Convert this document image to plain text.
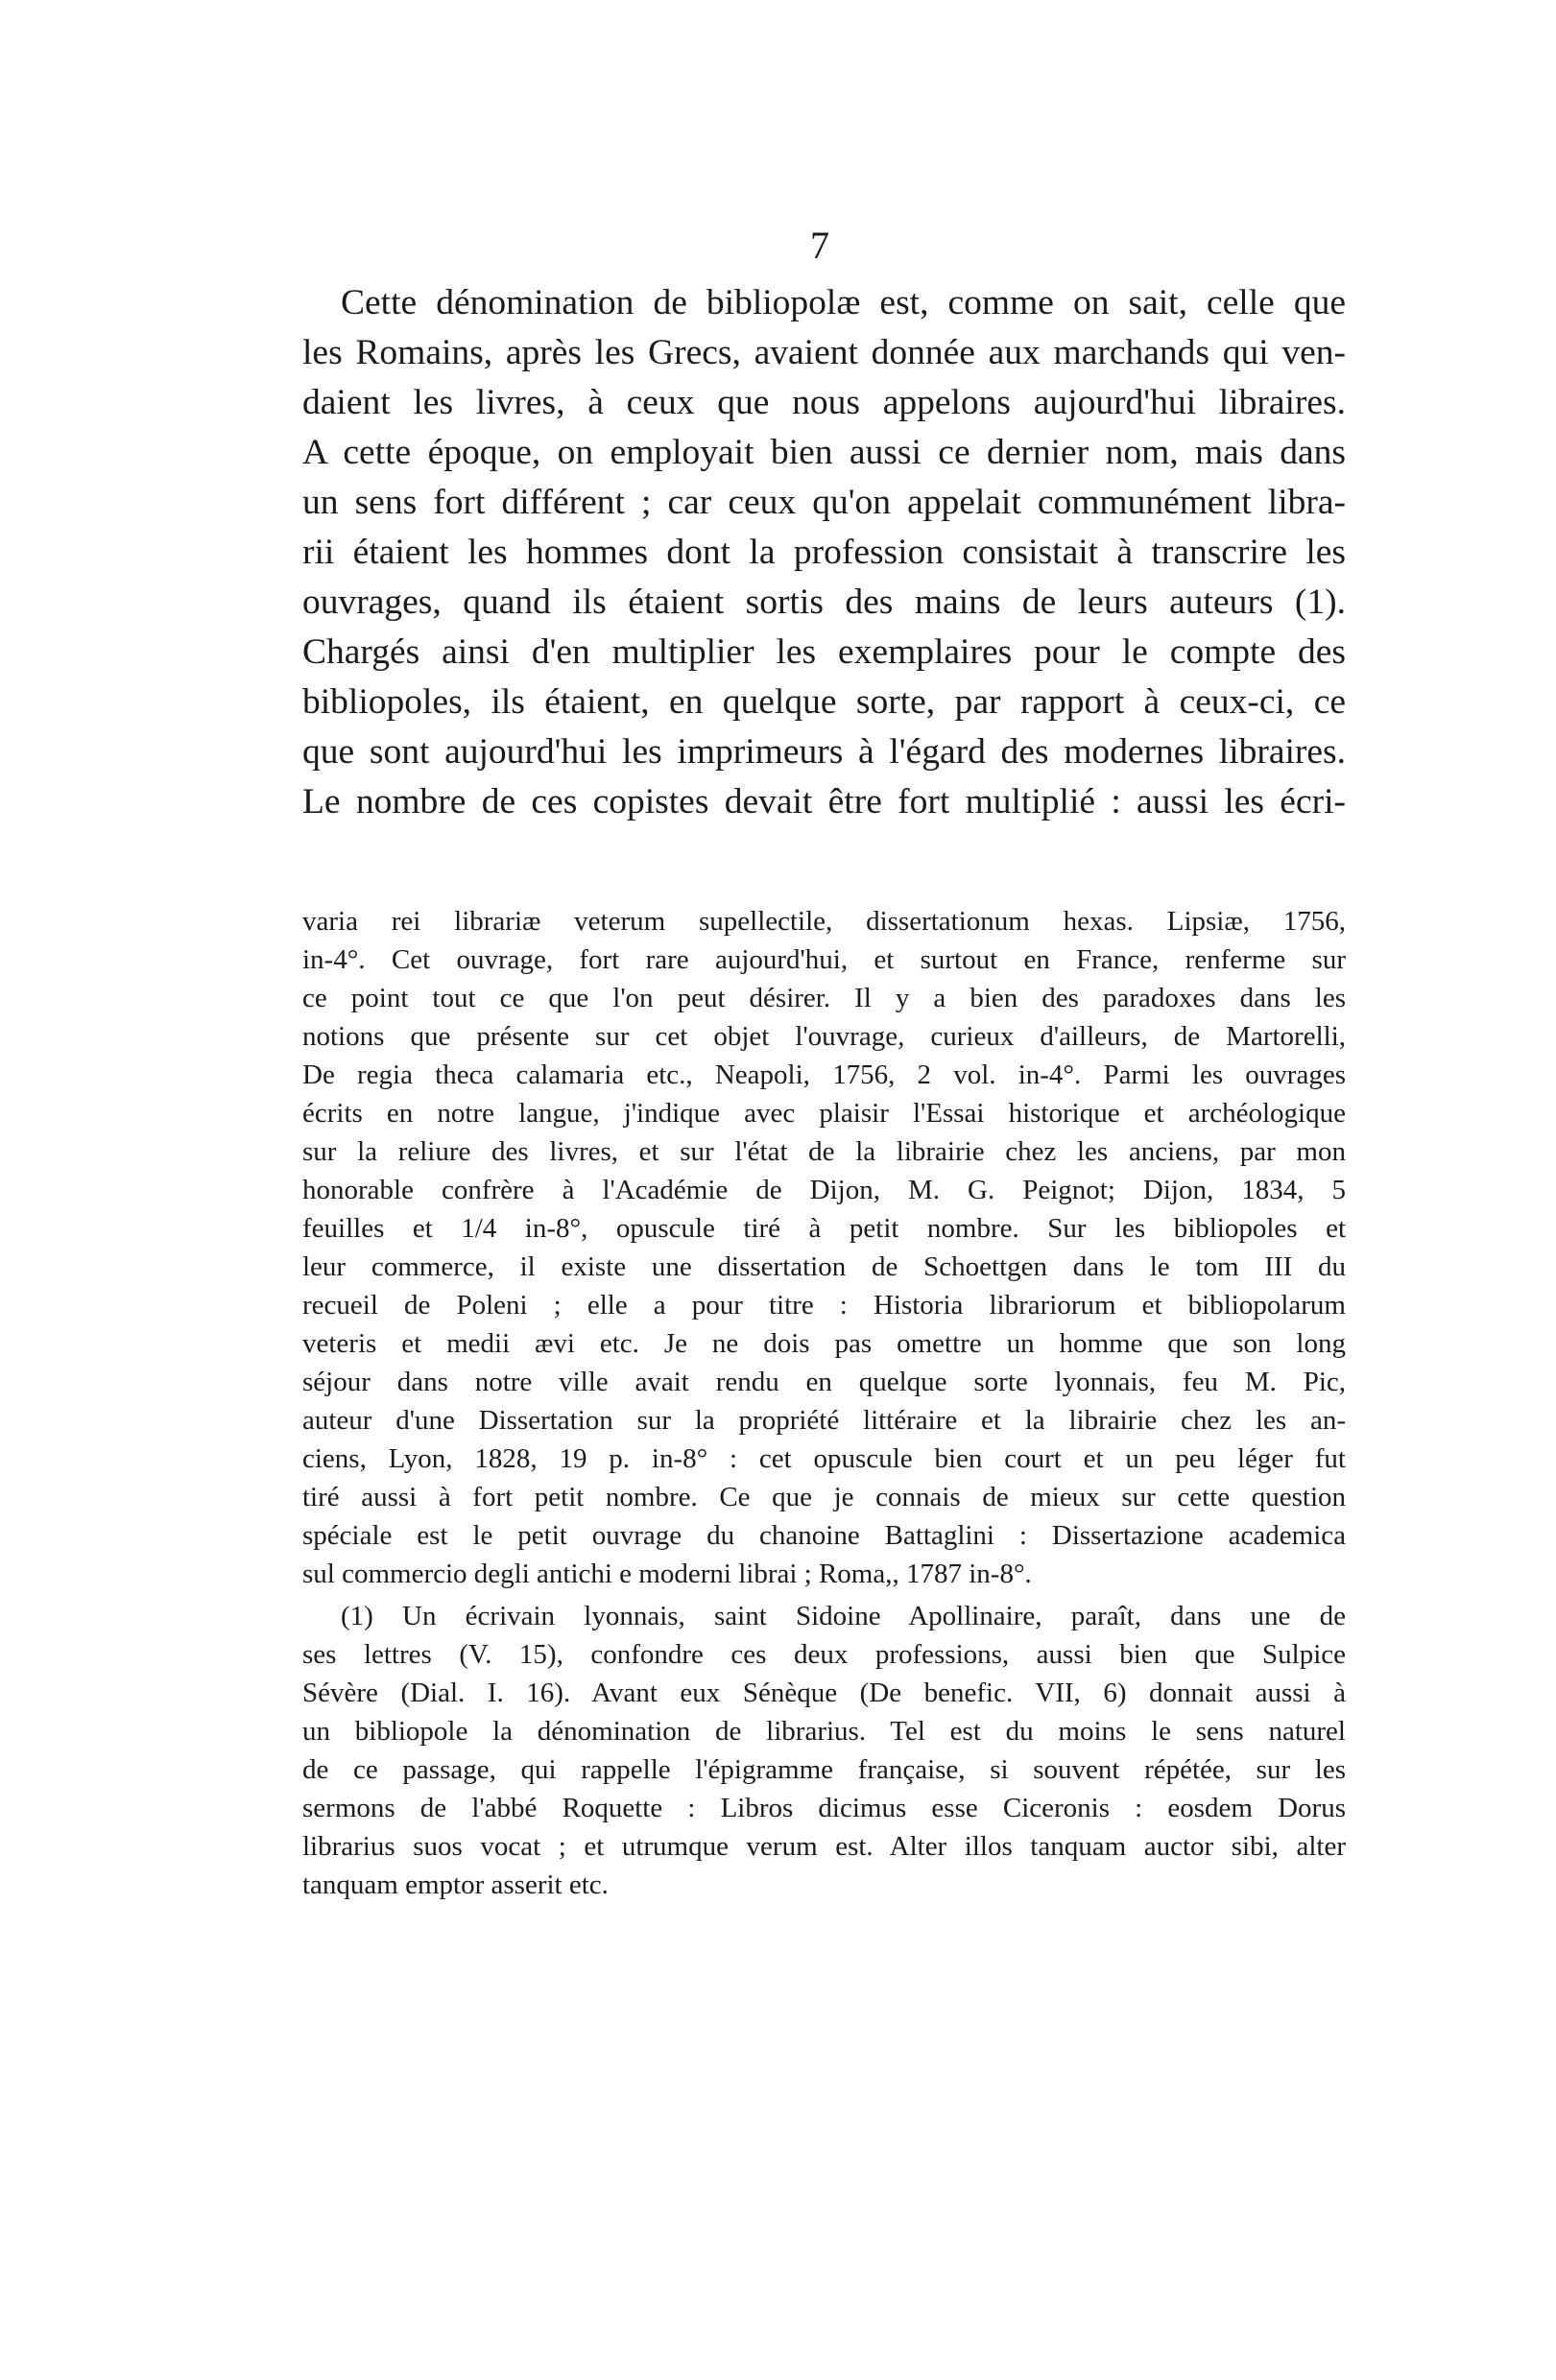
7
Cette dénomination de bibliopolæ est, comme on sait, celle que
les Romains, après les Grecs, avaient donnée aux marchands qui ven-
daient les livres, à ceux que nous appelons aujourd'hui libraires.
A cette époque, on employait bien aussi ce dernier nom, mais dans
un sens fort différent ; car ceux qu'on appelait communément libra-
rii étaient les hommes dont la profession consistait à transcrire les
ouvrages, quand ils étaient sortis des mains de leurs auteurs (1).
Chargés ainsi d'en multiplier les exemplaires pour le compte des
bibliopoles, ils étaient, en quelque sorte, par rapport à ceux-ci, ce
que sont aujourd'hui les imprimeurs à l'égard des modernes libraires.
Le nombre de ces copistes devait être fort multiplié : aussi les écri-
varia rei librariæ veterum supellectile, dissertationum hexas. Lipsiæ, 1756,
in-4°. Cet ouvrage, fort rare aujourd'hui, et surtout en France, renferme sur
ce point tout ce que l'on peut désirer. Il y a bien des paradoxes dans les
notions que présente sur cet objet l'ouvrage, curieux d'ailleurs, de Martorelli,
De regia theca calamaria etc., Neapoli, 1756, 2 vol. in-4°. Parmi les ouvrages
écrits en notre langue, j'indique avec plaisir l'Essai historique et archéologique
sur la reliure des livres, et sur l'état de la librairie chez les anciens, par mon
honorable confrère à l'Académie de Dijon, M. G. Peignot; Dijon, 1834, 5
feuilles et 1/4 in-8°, opuscule tiré à petit nombre. Sur les bibliopoles et
leur commerce, il existe une dissertation de Schoettgen dans le tom III du
recueil de Poleni ; elle a pour titre : Historia librariorum et bibliopolarum
veteris et medii ævi etc. Je ne dois pas omettre un homme que son long
séjour dans notre ville avait rendu en quelque sorte lyonnais, feu M. Pic,
auteur d'une Dissertation sur la propriété littéraire et la librairie chez les an-
ciens, Lyon, 1828, 19 p. in-8° : cet opuscule bien court et un peu léger fut
tiré aussi à fort petit nombre. Ce que je connais de mieux sur cette question
spéciale est le petit ouvrage du chanoine Battaglini : Dissertazione academica
sul commercio degli antichi e moderni librai ; Roma,, 1787 in-8°.
(1) Un écrivain lyonnais, saint Sidoine Apollinaire, paraît, dans une de
ses lettres (V. 15), confondre ces deux professions, aussi bien que Sulpice
Sévère (Dial. I. 16). Avant eux Sénèque (De benefic. VII, 6) donnait aussi à
un bibliopole la dénomination de librarius. Tel est du moins le sens naturel
de ce passage, qui rappelle l'épigramme française, si souvent répétée, sur les
sermons de l'abbé Roquette : Libros dicimus esse Ciceronis : eosdem Dorus
librarius suos vocat ; et utrumque verum est. Alter illos tanquam auctor sibi, alter
tanquam emptor asserit etc.
